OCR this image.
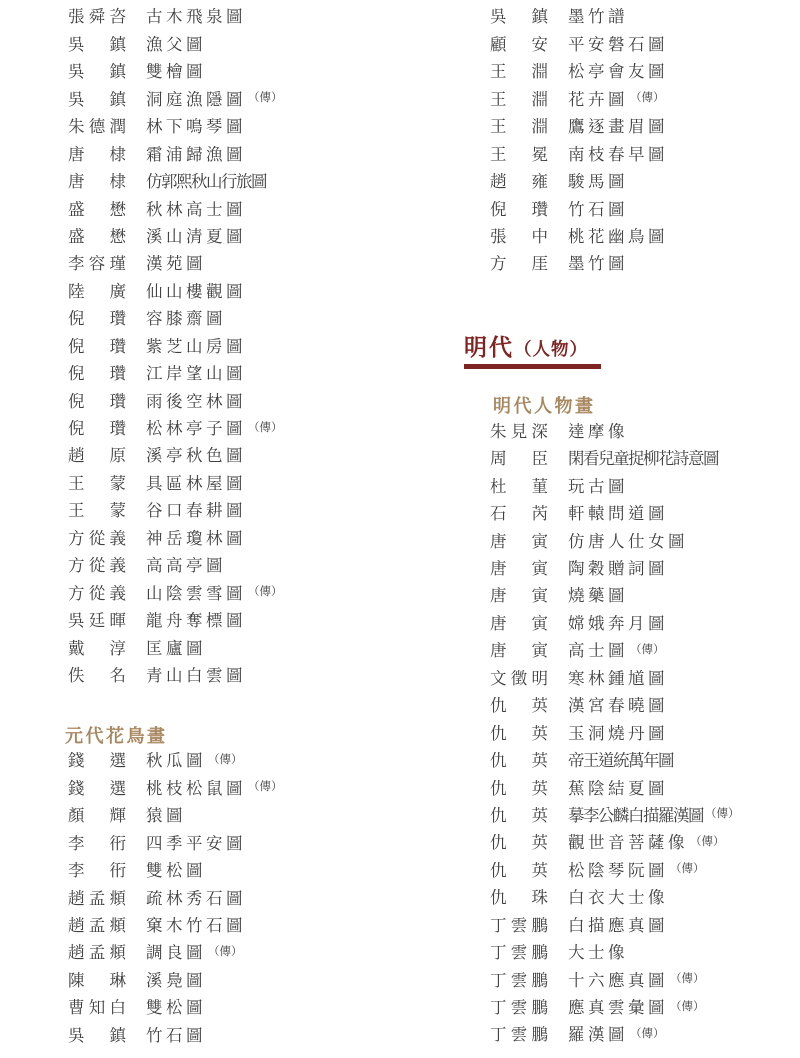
張 舜 咨 古木飛泉圖
吳 鎮 漁父圖
吳 鎮 雙檜圖
吳 鎮 洞庭漁隱圖 （傳）
朱 德 潤 林下鳴琴圖
唐 棣 霜浦歸漁圖
唐 棣 仿郭熙秋山行旅圖
盛 懋 秋林高士圖
盛 懋 溪山清夏圖
李 容 瑾 漢苑圖
陸 廣 仙山樓觀圖
倪 瓚 容膝齋圖
倪 瓚 紫芝山房圖
倪 瓚 江岸望山圖
倪 瓚 雨後空林圖
倪 瓚 松林亭子圖 （傳）
趙 原 溪亭秋色圖
王 蒙 具區林屋圖
王 蒙 谷口春耕圖
方 從 義 神岳瓊林圖
方 從 義 高高亭圖
方 從 義 山陰雲雪圖 （傳）
吳 廷 暉 龍舟奪標圖
戴 淳 匡廬圖
佚 名 青山白雲圖
元代花鳥畫
錢 選 秋瓜圖 （傳）
錢 選 桃枝松鼠圖 （傳）
顏 輝 猿圖
李 衎 四季平安圖
李 衎 雙松圖
趙 孟 頫 疏林秀石圖
趙 孟 頫 窠木竹石圖
趙 孟 頫 調良圖 （傳）
陳 琳 溪鳧圖
曹 知 白 雙松圖
吳 鎮 竹石圖
吳 鎮 墨竹譜
顧 安 平安磐石圖
王 淵 松亭會友圖
王 淵 花卉圖 （傳）
王 淵 鷹逐畫眉圖
王 冕 南枝春早圖
趙 雍 駿馬圖
倪 瓚 竹石圖
張 中 桃花幽鳥圖
方 厓 墨竹圖
明代（人物）
明代人物畫
朱 見 深 達摩像
周 臣 閑看兒童捉柳花詩意圖
杜 菫 玩古圖
石 芮 軒轅問道圖
唐 寅 仿唐人仕女圖
唐 寅 陶穀贈詞圖
唐 寅 燒藥圖
唐 寅 嫦娥奔月圖
唐 寅 高士圖 （傳）
文 徵 明 寒林鍾馗圖
仇 英 漢宮春曉圖
仇 英 玉洞燒丹圖
仇 英 帝王道統萬年圖
仇 英 蕉陰結夏圖
仇 英 摹李公麟白描羅漢圖 （傳）
仇 英 觀世音菩薩像 （傳）
仇 英 松陰琴阮圖 （傳）
仇 珠 白衣大士像
丁 雲 鵬 白描應真圖
丁 雲 鵬 大士像
丁 雲 鵬 十六應真圖 （傳）
丁 雲 鵬 應真雲彙圖 （傳）
丁 雲 鵬 羅漢圖 （傳）
